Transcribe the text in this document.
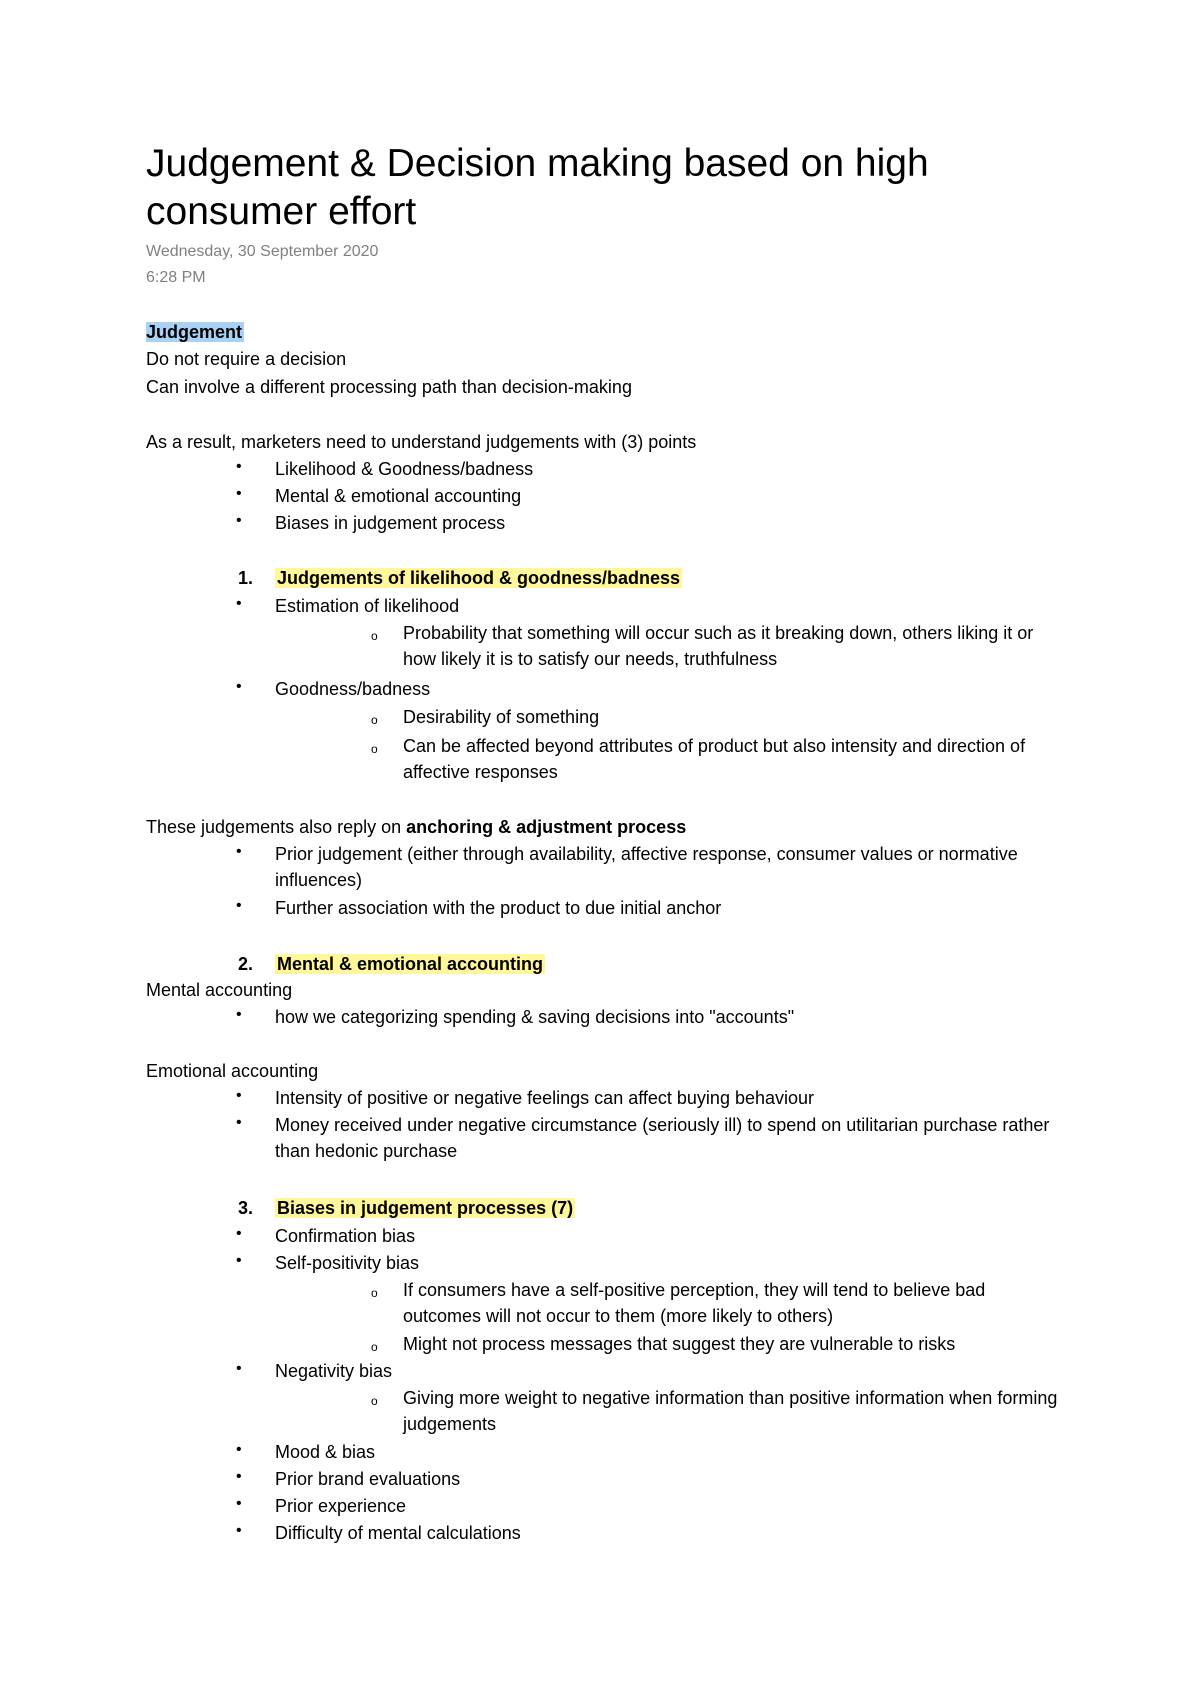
Judgement & Decision making based on high consumer effort
Wednesday, 30 September 2020
6:28 PM
Judgement
Do not require a decision
Can involve a different processing path than decision-making
As a result, marketers need to understand judgements with (3) points
• Likelihood & Goodness/badness
• Mental & emotional accounting
• Biases in judgement process
1. Judgements of likelihood & goodness/badness
• Estimation of likelihood
o Probability that something will occur such as it breaking down, others liking it or how likely it is to satisfy our needs, truthfulness
• Goodness/badness
o Desirability of something
o Can be affected beyond attributes of product but also intensity and direction of affective responses
These judgements also reply on anchoring & adjustment process
• Prior judgement (either through availability, affective response, consumer values or normative influences)
• Further association with the product to due initial anchor
2. Mental & emotional accounting
Mental accounting
• how we categorizing spending & saving decisions into "accounts"
Emotional accounting
• Intensity of positive or negative feelings can affect buying behaviour
• Money received under negative circumstance (seriously ill) to spend on utilitarian purchase rather than hedonic purchase
3. Biases in judgement processes (7)
• Confirmation bias
• Self-positivity bias
o If consumers have a self-positive perception, they will tend to believe bad outcomes will not occur to them (more likely to others)
o Might not process messages that suggest they are vulnerable to risks
• Negativity bias
o Giving more weight to negative information than positive information when forming judgements
• Mood & bias
• Prior brand evaluations
• Prior experience
• Difficulty of mental calculations
